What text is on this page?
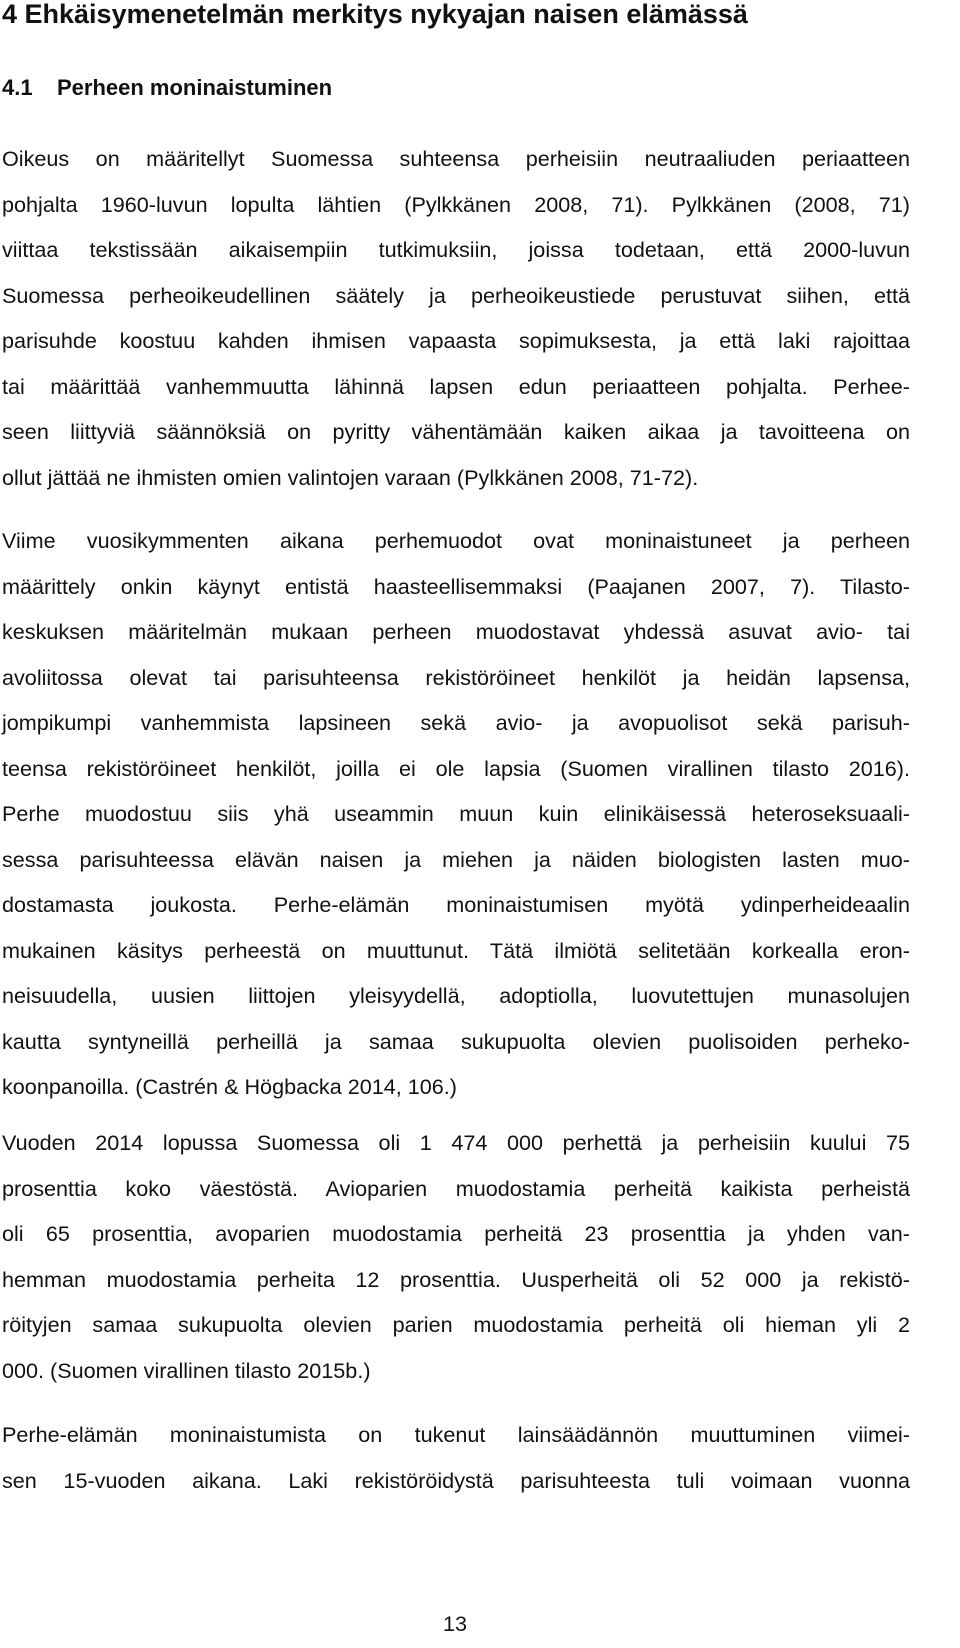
4 Ehkäisymenetelmän merkitys nykyajan naisen elämässä
4.1 Perheen moninaistuminen
Oikeus on määritellyt Suomessa suhteensa perheisiin neutraaliuden periaatteen
pohjalta 1960-luvun lopulta lähtien (Pylkkänen 2008, 71). Pylkkänen (2008, 71)
viittaa tekstissään aikaisempiin tutkimuksiin, joissa todetaan, että 2000-luvun
Suomessa perheoikeudellinen säätely ja perheoikeustiede perustuvat siihen, että
parisuhde koostuu kahden ihmisen vapaasta sopimuksesta, ja että laki rajoittaa
tai määrittää vanhemmuutta lähinnä lapsen edun periaatteen pohjalta. Perhee-
seen liittyviä säännöksiä on pyritty vähentämään kaiken aikaa ja tavoitteena on
ollut jättää ne ihmisten omien valintojen varaan (Pylkkänen 2008, 71-72).
Viime vuosikymmenten aikana perhemuodot ovat moninaistuneet ja perheen
määrittely onkin käynyt entistä haasteellisemmaksi (Paajanen 2007, 7). Tilasto-
keskuksen määritelmän mukaan perheen muodostavat yhdessä asuvat avio- tai
avoliitossa olevat tai parisuhteensa rekistöröineet henkilöt ja heidän lapsensa,
jompikumpi vanhemmista lapsineen sekä avio- ja avopuolisot sekä parisuh-
teensa rekistöröineet henkilöt, joilla ei ole lapsia (Suomen virallinen tilasto 2016).
Perhe muodostuu siis yhä useammin muun kuin elinikäisessä heteroseksuaali-
sessa parisuhteessa elävän naisen ja miehen ja näiden biologisten lasten muo-
dostamasta joukosta. Perhe-elämän moninaistumisen myötä ydinperheideaalin
mukainen käsitys perheestä on muuttunut. Tätä ilmiötä selitetään korkealla eron-
neisuudella, uusien liittojen yleisyydellä, adoptiolla, luovutettujen munasolujen
kautta syntyneillä perheillä ja samaa sukupuolta olevien puolisoiden perheko-
koonpanoilla. (Castrén & Högbacka 2014, 106.)
Vuoden 2014 lopussa Suomessa oli 1 474 000 perhettä ja perheisiin kuului 75
prosenttia koko väestöstä. Avioparien muodostamia perheitä kaikista perheistä
oli 65 prosenttia, avoparien muodostamia perheitä 23 prosenttia ja yhden van-
hemman muodostamia perheita 12 prosenttia. Uusperheitä oli 52 000 ja rekistö-
röityjen samaa sukupuolta olevien parien muodostamia perheitä oli hieman yli 2
000. (Suomen virallinen tilasto 2015b.)
Perhe-elämän moninaistumista on tukenut lainsäädännön muuttuminen viimei-
sen 15-vuoden aikana. Laki rekistöröidystä parisuhteesta tuli voimaan vuonna
13
